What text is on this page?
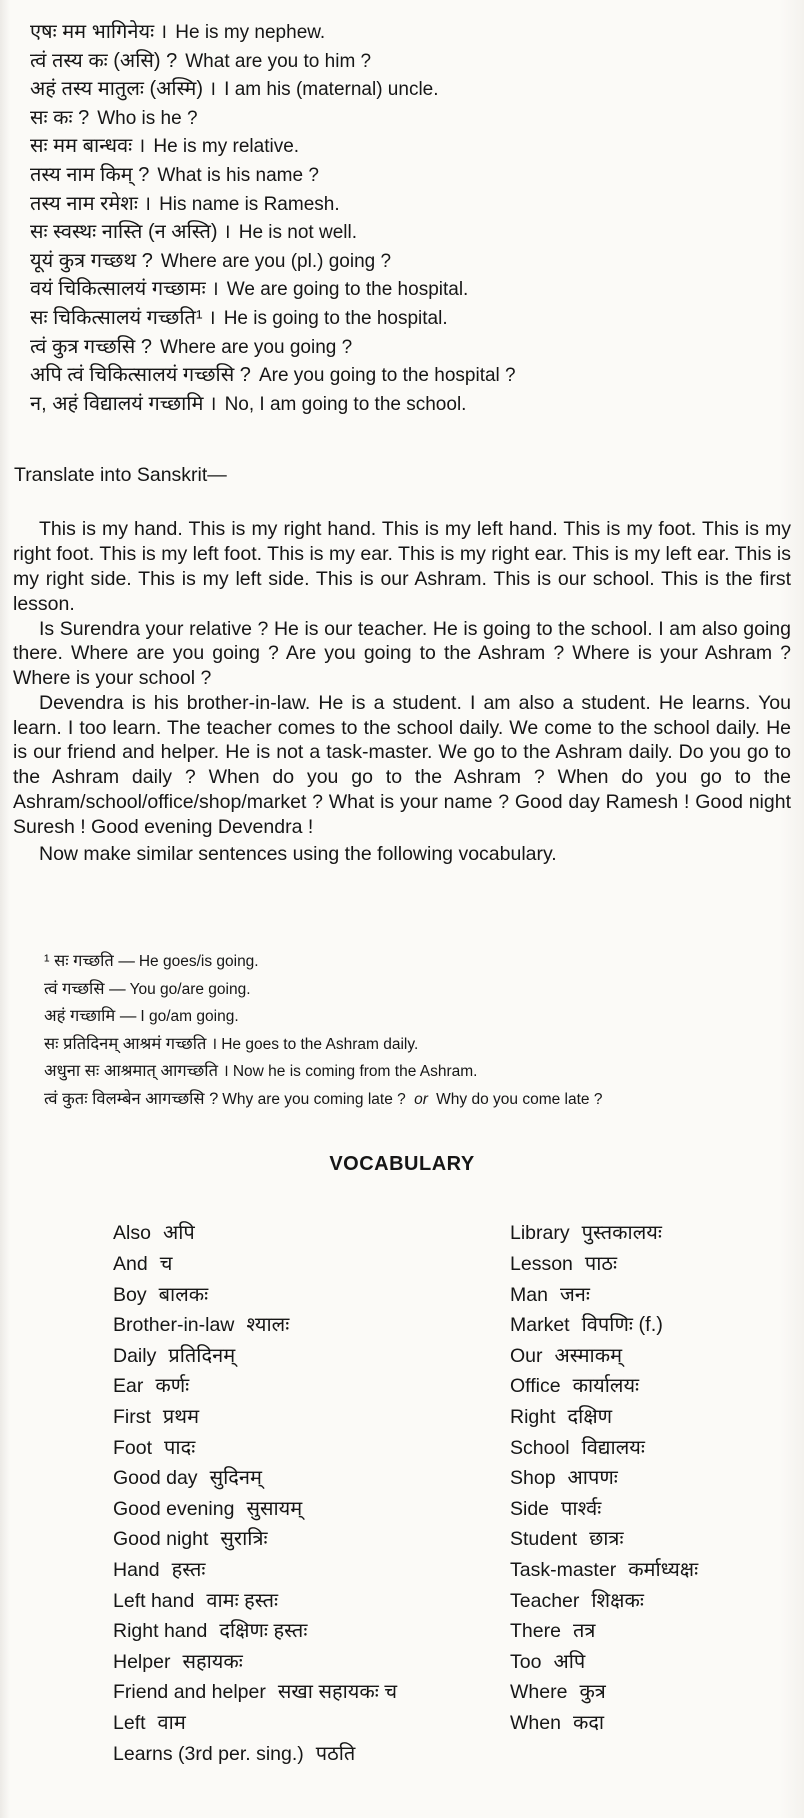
एषः मम भागिनेयः । He is my nephew.
त्वं तस्य कः (असि) ? What are you to him ?
अहं तस्य मातुलः (अस्मि) । I am his (maternal) uncle.
सः कः ? Who is he ?
सः मम बान्धवः । He is my relative.
तस्य नाम किम् ? What is his name ?
तस्य नाम रमेशः । His name is Ramesh.
सः स्वस्थः नास्ति (न अस्ति) । He is not well.
यूयं कुत्र गच्छथ ? Where are you (pl.) going ?
वयं चिकित्सालयं गच्छामः । We are going to the hospital.
सः चिकित्सालयं गच्छति¹ । He is going to the hospital.
त्वं कुत्र गच्छसि ? Where are you going ?
अपि त्वं चिकित्सालयं गच्छसि ? Are you going to the hospital ?
न, अहं विद्यालयं गच्छामि । No, I am going to the school.
Translate into Sanskrit—

This is my hand. This is my right hand. This is my left hand. This is my foot. This is my right foot. This is my left foot. This is my ear. This is my right ear. This is my left ear. This is my right side. This is my left side. This is our Ashram. This is our school. This is the first lesson.

Is Surendra your relative ? He is our teacher. He is going to the school. I am also going there. Where are you going ? Are you going to the Ashram ? Where is your Ashram ? Where is your school ?

Devendra is his brother-in-law. He is a student. I am also a student. He learns. You learn. I too learn. The teacher comes to the school daily. We come to the school daily. He is our friend and helper. He is not a task-master. We go to the Ashram daily. Do you go to the Ashram daily ? When do you go to the Ashram ? When do you go to the Ashram/school/office/shop/market ? What is your name ? Good day Ramesh ! Good night Suresh ! Good evening Devendra !

Now make similar sentences using the following vocabulary.

¹ सः गच्छति — He goes/is going.
त्वं गच्छसि — You go/are going.
अहं गच्छामि — I go/am going.
सः प्रतिदिनम् आश्रमं गच्छति । He goes to the Ashram daily.
अधुना सः आश्रमात् आगच्छति । Now he is coming from the Ashram.
त्वं कुतः विलम्बेन आगच्छसि ? Why are you coming late ? or Why do you come late ?
VOCABULARY
Also अपि	Library पुस्तकालयः
And च	Lesson पाठः
Boy बालकः	Man जनः
Brother-in-law श्यालः	Market विपणिः (f.)
Daily प्रतिदिनम्	Our अस्माकम्
Ear कर्णः	Office कार्यालयः
First प्रथम	Right दक्षिण
Foot पादः	School विद्यालयः
Good day सुदिनम्	Shop आपणः
Good evening सुसायम्	Side पार्श्वः
Good night सुरात्रिः	Student छात्रः
Hand हस्तः	Task-master कर्माध्यक्षः
Left hand वामः हस्तः	Teacher शिक्षकः
Right hand दक्षिणः हस्तः	There तत्र
Helper सहायकः	Too अपि
Friend and helper सखा सहायकः च	Where कुत्र
Left वाम	When कदा
Learns (3rd per. sing.) पठति
